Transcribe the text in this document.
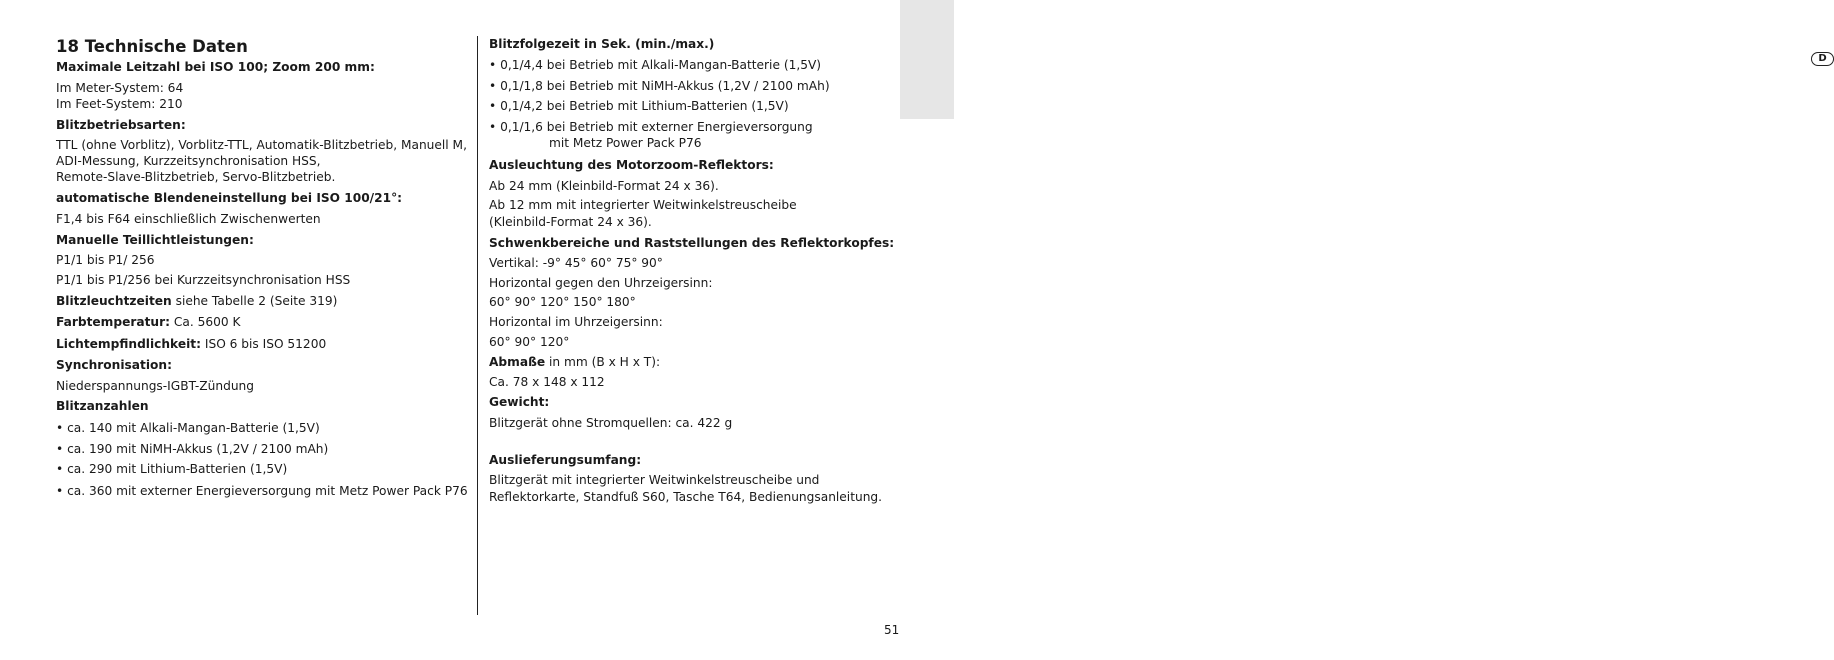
D
18 Technische Daten
Maximale Leitzahl bei ISO 100; Zoom 200 mm:
Im Meter-System: 64
Im Feet-System: 210
Blitzbetriebsarten:
TTL (ohne Vorblitz), Vorblitz-TTL, Automatik-Blitzbetrieb, Manuell M,
ADI-Messung, Kurzzeitsynchronisation HSS,
Remote-Slave-Blitzbetrieb, Servo-Blitzbetrieb.
automatische Blendeneinstellung bei ISO 100/21°:
F1,4 bis F64 einschließlich Zwischenwerten
Manuelle Teillichtleistungen:
P1/1 bis P1/ 256
P1/1 bis P1/256 bei Kurzzeitsynchronisation HSS
Blitzleuchtzeiten siehe Tabelle 2 (Seite 319)
Farbtemperatur: Ca. 5600 K
Lichtempfindlichkeit: ISO 6 bis ISO 51200
Synchronisation:
Niederspannungs-IGBT-Zündung
Blitzanzahlen
• ca. 140 mit Alkali-Mangan-Batterie (1,5V)
• ca. 190 mit NiMH-Akkus (1,2V / 2100 mAh)
• ca. 290 mit Lithium-Batterien (1,5V)
• ca. 360 mit externer Energieversorgung mit Metz Power Pack P76
Blitzfolgezeit in Sek. (min./max.)
• 0,1/4,4 bei Betrieb mit Alkali-Mangan-Batterie (1,5V)
• 0,1/1,8 bei Betrieb mit NiMH-Akkus (1,2V / 2100 mAh)
• 0,1/4,2 bei Betrieb mit Lithium-Batterien (1,5V)
• 0,1/1,6 bei Betrieb mit externer Energieversorgung
mit Metz Power Pack P76
Ausleuchtung des Motorzoom-Reflektors:
Ab 24 mm (Kleinbild-Format 24 x 36).
Ab 12 mm mit integrierter Weitwinkelstreuscheibe
(Kleinbild-Format 24 x 36).
Schwenkbereiche und Raststellungen des Reflektorkopfes:
Vertikal: -9° 45° 60° 75° 90°
Horizontal gegen den Uhrzeigersinn:
60° 90° 120° 150° 180°
Horizontal im Uhrzeigersinn:
60° 90° 120°
Abmaße in mm (B x H x T):
Ca. 78 x 148 x 112
Gewicht:
Blitzgerät ohne Stromquellen: ca. 422 g
Auslieferungsumfang:
Blitzgerät mit integrierter Weitwinkelstreuscheibe und
Reflektorkarte, Standfuß S60, Tasche T64, Bedienungsanleitung.
51
